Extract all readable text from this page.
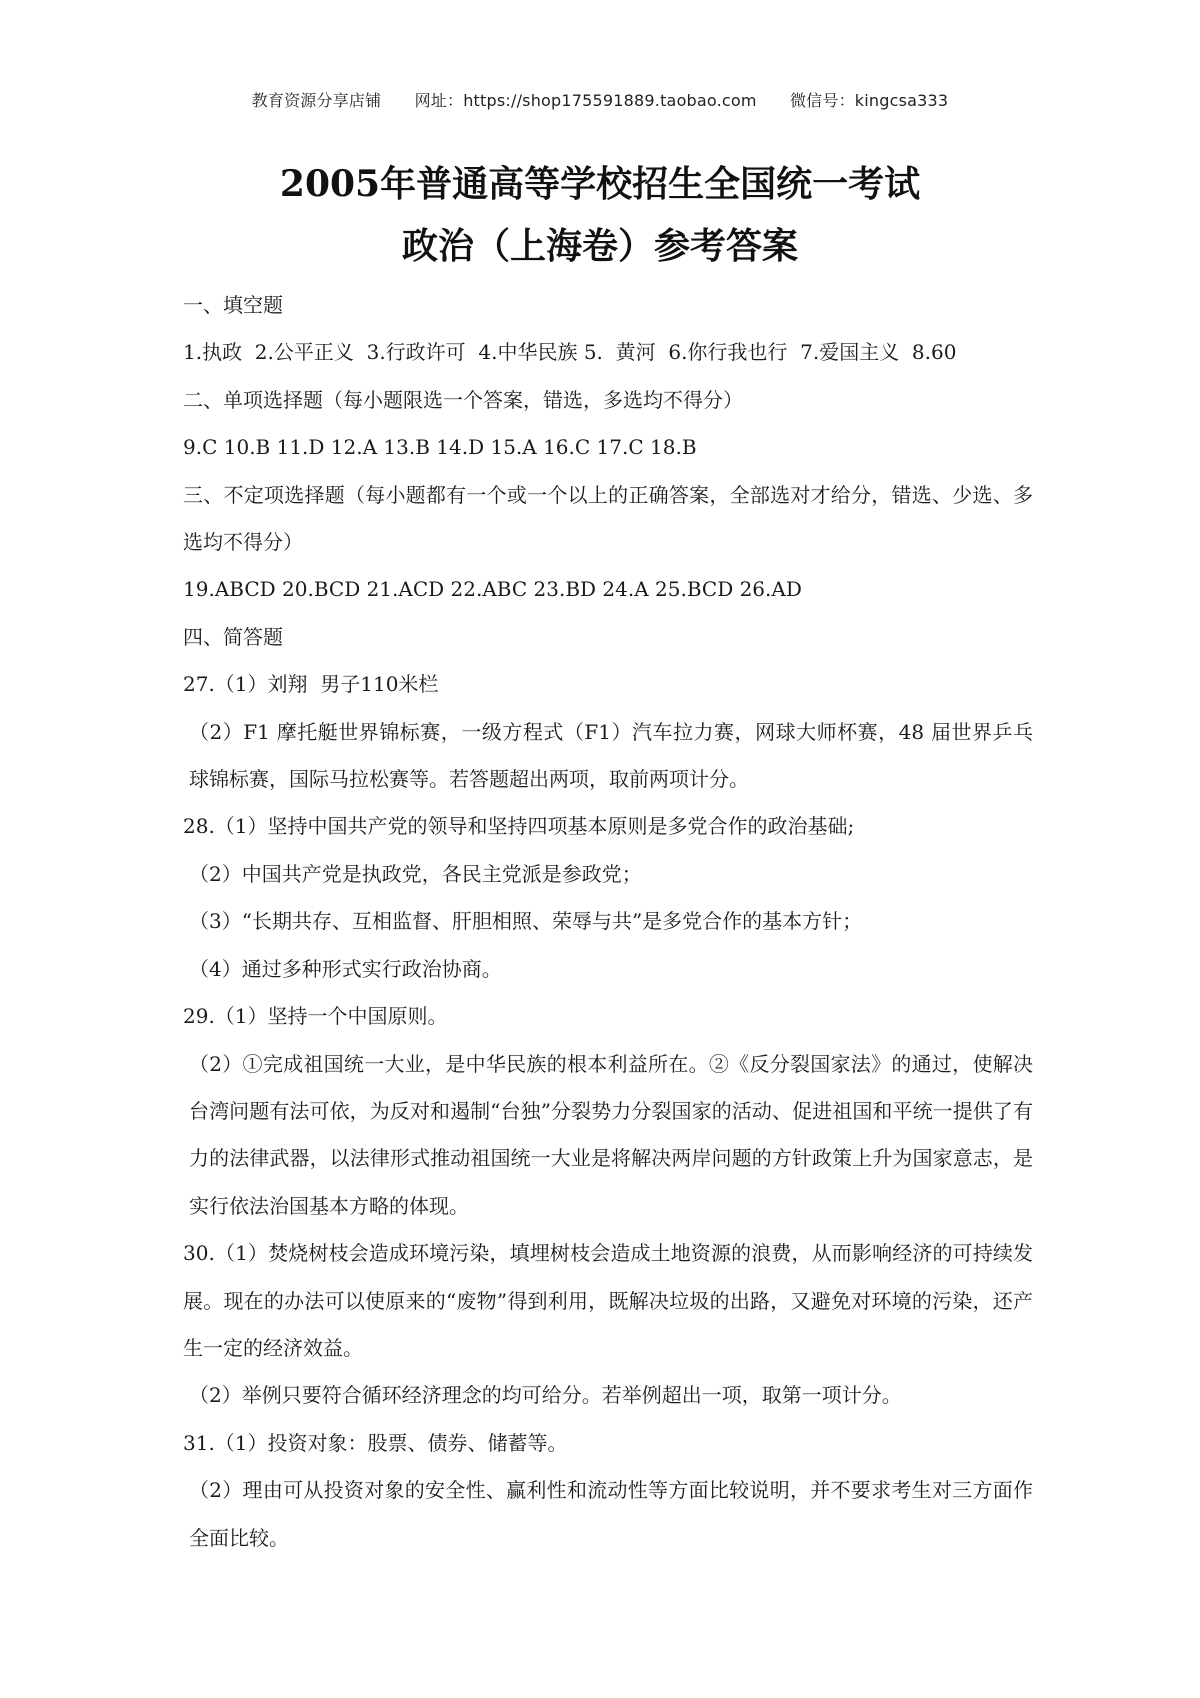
教育资源分享店铺 网址：https://shop175591889.taobao.com 微信号：kingcsa333
2005年普通高等学校招生全国统一考试
政治（上海卷）参考答案

一、填空题

1.执政  2.公平正义  3.行政许可  4.中华民族 5.  黄河  6.你行我也行  7.爱国主义  8.60

二、单项选择题（每小题限选一个答案，错选，多选均不得分）

9.C 10.B 11.D 12.A 13.B 14.D 15.A 16.C 17.C 18.B

三、不定项选择题（每小题都有一个或一个以上的正确答案，全部选对才给分，错选、少选、多选均不得分）

19.ABCD 20.BCD 21.ACD 22.ABC 23.BD 24.A 25.BCD 26.AD

四、简答题

27.（1）刘翔  男子110米栏

（2）F1 摩托艇世界锦标赛，一级方程式（F1）汽车拉力赛，网球大师杯赛，48 届世界乒乓球锦标赛，国际马拉松赛等。若答题超出两项，取前两项计分。

28.（1）坚持中国共产党的领导和坚持四项基本原则是多党合作的政治基础;

（2）中国共产党是执政党，各民主党派是参政党；

（3）“长期共存、互相监督、肝胆相照、荣辱与共”是多党合作的基本方针；

（4）通过多种形式实行政治协商。

29.（1）坚持一个中国原则。

（2）①完成祖国统一大业，是中华民族的根本利益所在。②《反分裂国家法》的通过，使解决台湾问题有法可依，为反对和遏制“台独”分裂势力分裂国家的活动、促进祖国和平统一提供了有力的法律武器，以法律形式推动祖国统一大业是将解决两岸问题的方针政策上升为国家意志，是实行依法治国基本方略的体现。

30.（1）焚烧树枝会造成环境污染，填埋树枝会造成土地资源的浪费，从而影响经济的可持续发展。现在的办法可以使原来的“废物”得到利用，既解决垃圾的出路，又避免对环境的污染，还产生一定的经济效益。

（2）举例只要符合循环经济理念的均可给分。若举例超出一项，取第一项计分。

31.（1）投资对象：股票、债券、储蓄等。

（2）理由可从投资对象的安全性、赢利性和流动性等方面比较说明，并不要求考生对三方面作全面比较。
